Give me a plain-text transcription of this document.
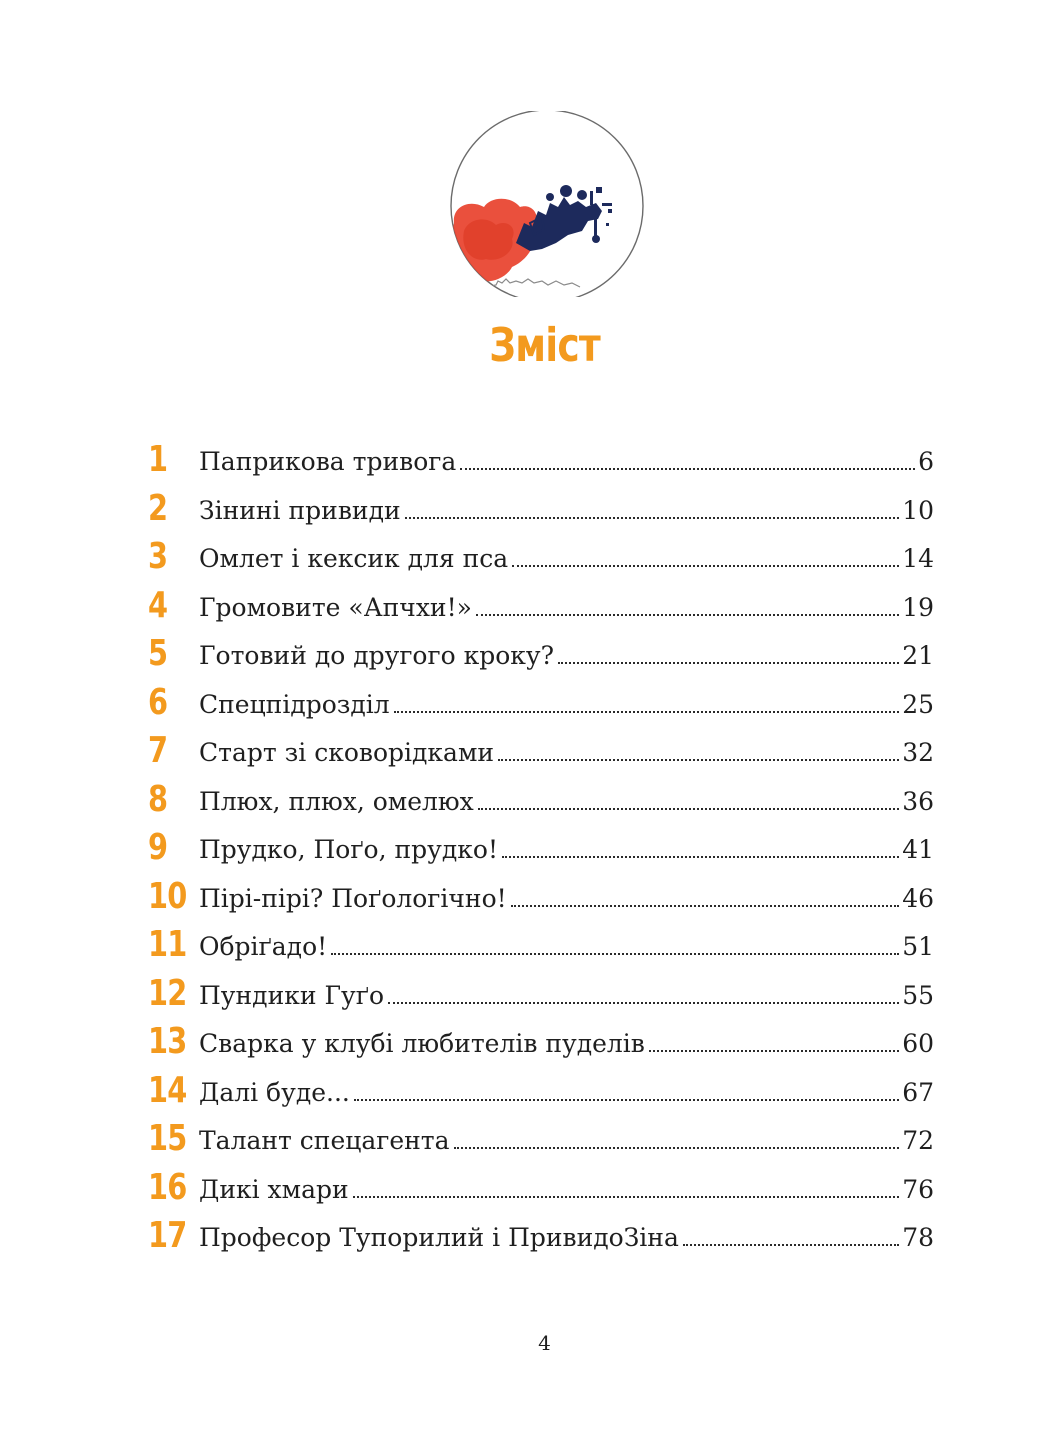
Зміст
1	Паприкова тривога	6
2	Зінині привиди	10
3	Омлет і кексик для пса	14
4	Громовите «Апчхи!»	19
5	Готовий до другого кроку?	21
6	Спецпідрозділ	25
7	Старт зі сковорідками	32
8	Плюх, плюх, омелюх	36
9	Прудко, Поґо, прудко!	41
10 Пірі-пірі? Поґологічно!	46
11 Обріґадо!	51
12 Пундики Гуґо	55
13 Сварка у клубі любителів пуделів	60
14 Далі буде...	67
15 Талант спецагента	72
16 Дикі хмари	76
17 Професор Тупорилий і ПривидоЗіна	78
4
